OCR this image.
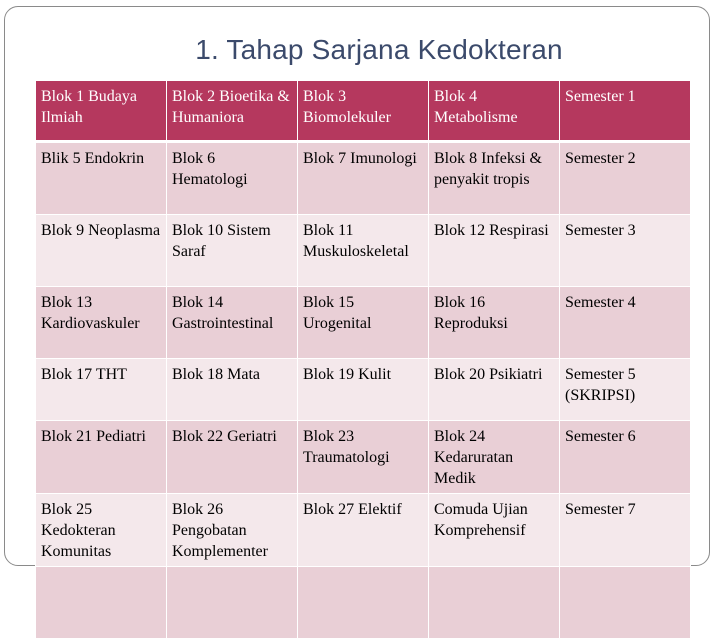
1. Tahap Sarjana Kedokteran
Blok 1 Budaya Ilmiah	Blok 2 Bioetika & Humaniora	Blok 3 Biomolekuler	Blok 4 Metabolisme	Semester 1
Blik 5 Endokrin	Blok 6 Hematologi	Blok 7 Imunologi	Blok 8 Infeksi & penyakit tropis	Semester 2
Blok 9 Neoplasma	Blok 10 Sistem Saraf	Blok 11 Muskuloskeletal	Blok 12 Respirasi	Semester 3
Blok 13 Kardiovaskuler	Blok 14 Gastrointestinal	Blok 15 Urogenital	Blok 16 Reproduksi	Semester 4
Blok 17 THT	Blok 18 Mata	Blok 19 Kulit	Blok 20 Psikiatri	Semester 5 (SKRIPSI)
Blok 21 Pediatri	Blok 22 Geriatri	Blok 23 Traumatologi	Blok 24 Kedaruratan Medik	Semester 6
Blok 25 Kedokteran Komunitas	Blok 26 Pengobatan Komplementer	Blok 27 Elektif	Comuda Ujian Komprehensif	Semester 7
